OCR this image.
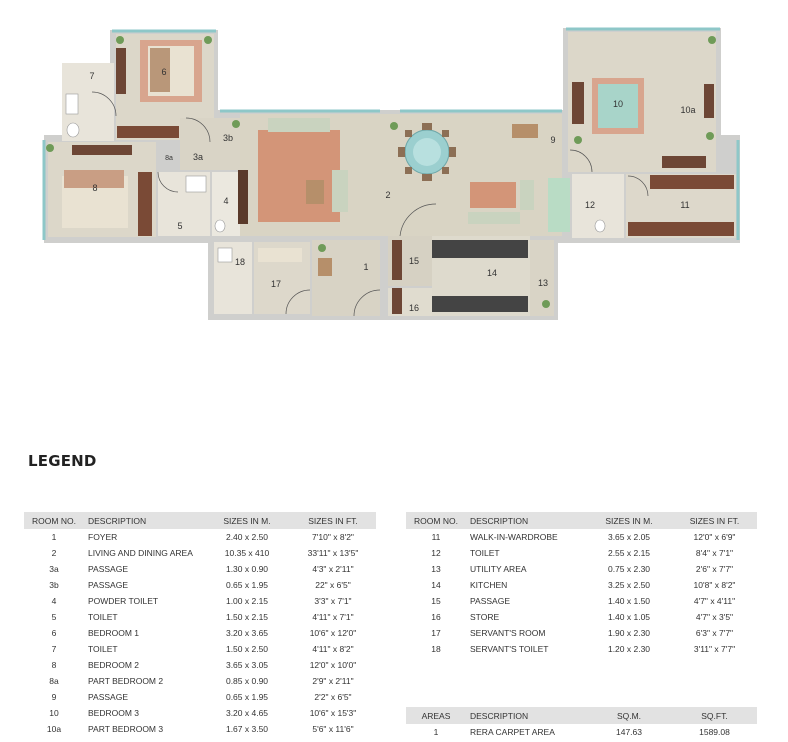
1
2
3a
3b
4
5
6
7
8
8a
9
10
10a
11
12
13
14
15
16
17
18
LEGEND
ROOM NO.	DESCRIPTION	SIZES IN M.	SIZES IN FT.
1	FOYER	2.40 x 2.50	7'10" x 8'2"
2	LIVING AND DINING AREA	10.35 x 410	33'11" x 13'5"
3a	PASSAGE	1.30 x 0.90	4'3" x 2'11"
3b	PASSAGE	0.65 x 1.95	22" x 6'5"
4	POWDER TOILET	1.00 x 2.15	3'3" x 7'1"
5	TOILET	1.50 x 2.15	4'11" x 7'1"
6	BEDROOM 1	3.20 x 3.65	10'6" x 12'0"
7	TOILET	1.50 x 2.50	4'11" x 8'2"
8	BEDROOM 2	3.65 x 3.05	12'0" x 10'0"
8a	PART BEDROOM 2	0.85 x 0.90	2'9" x 2'11"
9	PASSAGE	0.65 x 1.95	2'2" x 6'5"
10	BEDROOM 3	3.20 x 4.65	10'6" x 15'3"
10a	PART BEDROOM 3	1.67 x 3.50	5'6" x 11'6"
ROOM NO.	DESCRIPTION	SIZES IN M.	SIZES IN FT.
11	WALK-IN-WARDROBE	3.65 x 2.05	12'0" x 6'9"
12	TOILET	2.55 x 2.15	8'4" x 7'1"
13	UTILITY AREA	0.75 x 2.30	2'6" x 7'7"
14	KITCHEN	3.25 x 2.50	10'8" x 8'2"
15	PASSAGE	1.40 x 1.50	4'7" x 4'11"
16	STORE	1.40 x 1.05	4'7" x 3'5"
17	SERVANT'S ROOM	1.90 x 2.30	6'3" x 7'7"
18	SERVANT'S TOILET	1.20 x 2.30	3'11" x 7'7"
AREAS	DESCRIPTION	SQ.M.	SQ.FT.
1	RERA CARPET AREA	147.63	1589.08
